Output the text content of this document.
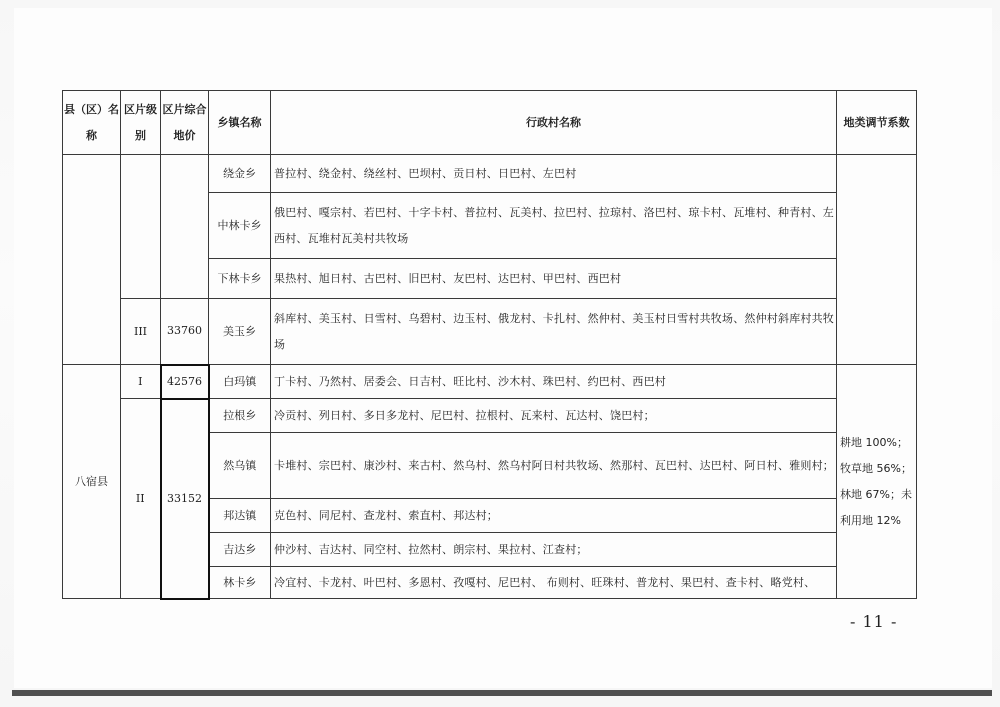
县（区）名称	区片级别	区片综合地价	乡镇名称	行政村名称	地类调节系数
			绕金乡	普拉村、绕金村、绕丝村、巴坝村、贡日村、日巴村、左巴村	
			中林卡乡	俄巴村、嘎宗村、若巴村、十字卡村、普拉村、瓦美村、拉巴村、拉琼村、洛巴村、琼卡村、瓦堆村、种青村、左西村、瓦堆村瓦美村共牧场	
			下林卡乡	果热村、旭日村、古巴村、旧巴村、友巴村、达巴村、甲巴村、西巴村	
	III	33760	美玉乡	斜库村、美玉村、日雪村、乌碧村、边玉村、俄龙村、卡扎村、然仲村、美玉村日雪村共牧场、然仲村斜库村共牧场	
八宿县	I	42576	白玛镇	丁卡村、乃然村、居委会、日吉村、旺比村、沙木村、珠巴村、约巴村、西巴村	耕地 100%；牧草地 56%；林地 67%；未利用地 12%
	II	33152	拉根乡	冷贡村、列日村、多日多龙村、尼巴村、拉根村、瓦来村、瓦达村、饶巴村；	
			然乌镇	卡堆村、宗巴村、康沙村、来古村、然乌村、然乌村阿日村共牧场、然那村、瓦巴村、达巴村、阿日村、雅则村；	
			邦达镇	克色村、同尼村、查龙村、索直村、邦达村；	
			吉达乡	仲沙村、吉达村、同空村、拉然村、朗宗村、果拉村、江查村；	
			林卡乡	冷宜村、卡龙村、叶巴村、多恩村、孜嘎村、尼巴村、 布则村、旺珠村、普龙村、果巴村、查卡村、略党村、	
- 11 -
